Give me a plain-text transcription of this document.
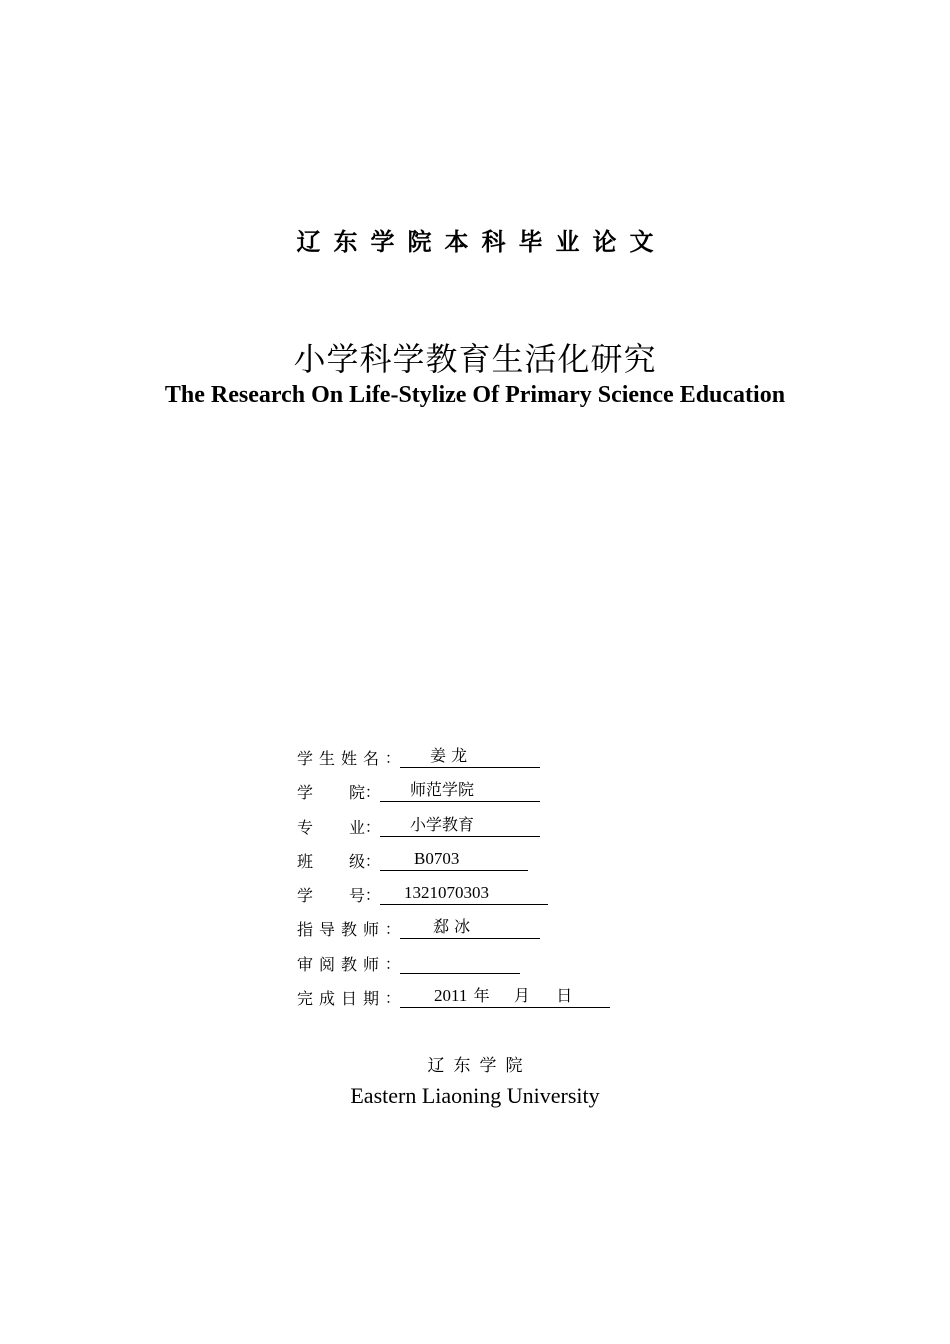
辽东学院本科毕业论文
小学科学教育生活化研究
The Research On Life-Stylize Of Primary Science Education
学生姓名 ：	姜 龙
学	院 ：	师范学院
专	业 ：	小学教育
班	级 ：	B0703
学	号 ：	1321070303
指导教师 ：	郄 冰
审阅教师 ：
完成日期 ：	2011 年 月 日
辽东学院
Eastern Liaoning University
